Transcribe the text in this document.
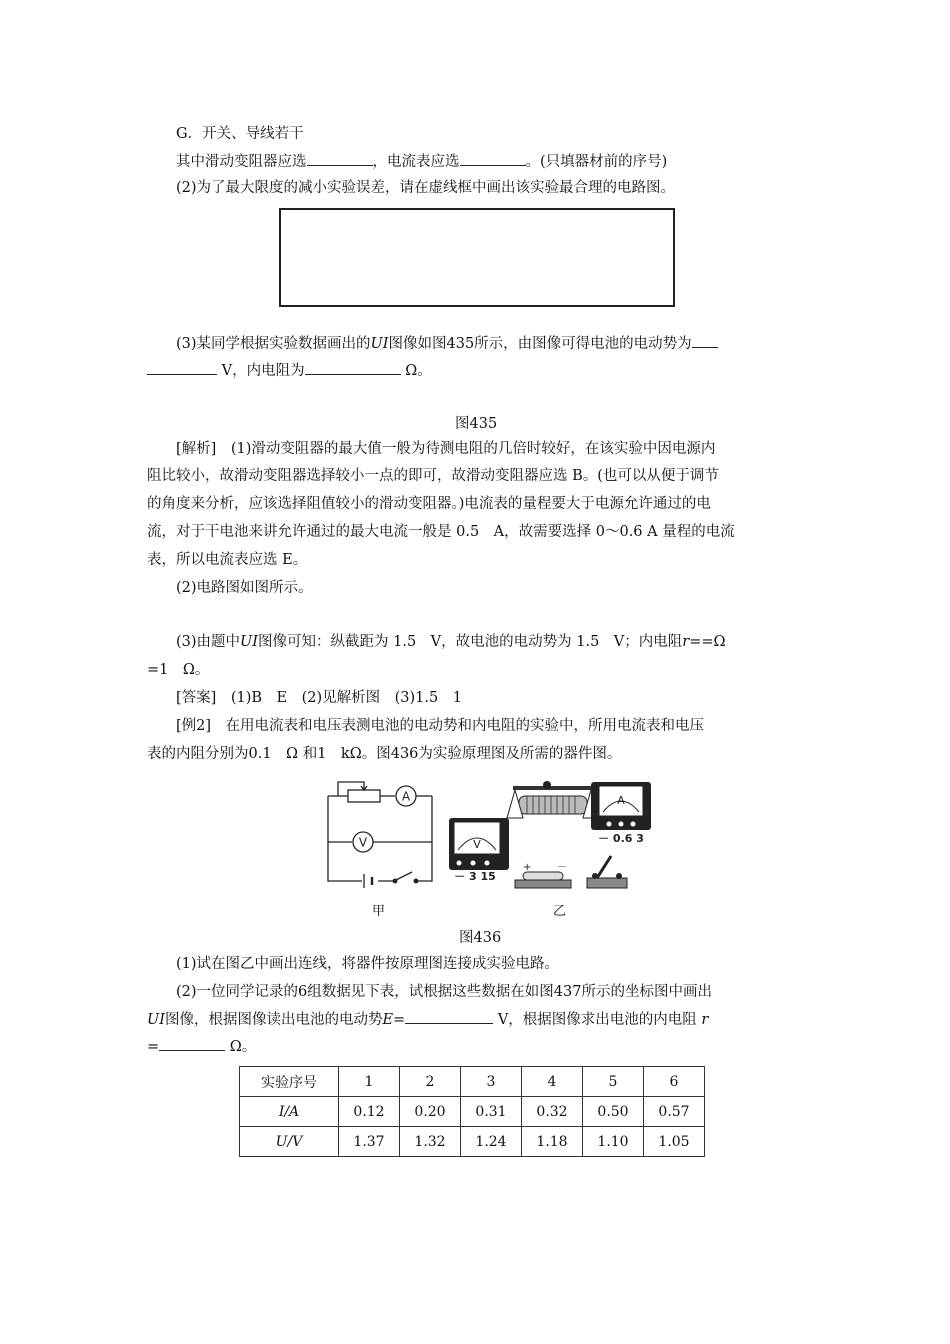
G．开关、导线若干
其中滑动变阻器应选	，电流表应选	。(只填器材前的序号)
(2)为了最大限度的减小实验误差，请在虚线框中画出该实验最合理的电路图。
(3)某同学根据实验数据画出的UI图像如图435所示，由图像可得电池的电动势为
V，内电阻为	Ω。
图435
[解析]　(1)滑动变阻器的最大值一般为待测电阻的几倍时较好，在该实验中因电源内
阻比较小，故滑动变阻器选择较小一点的即可，故滑动变阻器应选 B。(也可以从便于调节
的角度来分析，应该选择阻值较小的滑动变阻器。)电流表的量程要大于电源允许通过的电
流，对于干电池来讲允许通过的最大电流一般是 0.5　A，故需要选择 0～0.6 A 量程的电流
表，所以电流表应选 E。
(2)电路图如图所示。
(3)由题中UI图像可知：纵截距为 1.5　V，故电池的电动势为 1.5　V；内电阻r==Ω
=1　Ω。
[答案]　(1)B　E　(2)见解析图　(3)1.5　1
[例2]　在用电流表和电压表测电池的电动势和内电阻的实验中，所用电流表和电压
表的内阻分别为0.1　Ω 和1　kΩ。图436为实验原理图及所需的器件图。
A
V
甲
A
－ 0.6 3
V
－ 3 15
+	－
乙
图436
(1)试在图乙中画出连线，将器件按原理图连接成实验电路。
(2)一位同学记录的6组数据见下表，试根据这些数据在如图437所示的坐标图中画出
UI图像，根据图像读出电池的电动势E=	V，根据图像求出电池的内电阻 r
=	Ω。
实验序号	1	2	3	4	5	6
I/A	0.12	0.20	0.31	0.32	0.50	0.57
U/V	1.37	1.32	1.24	1.18	1.10	1.05
